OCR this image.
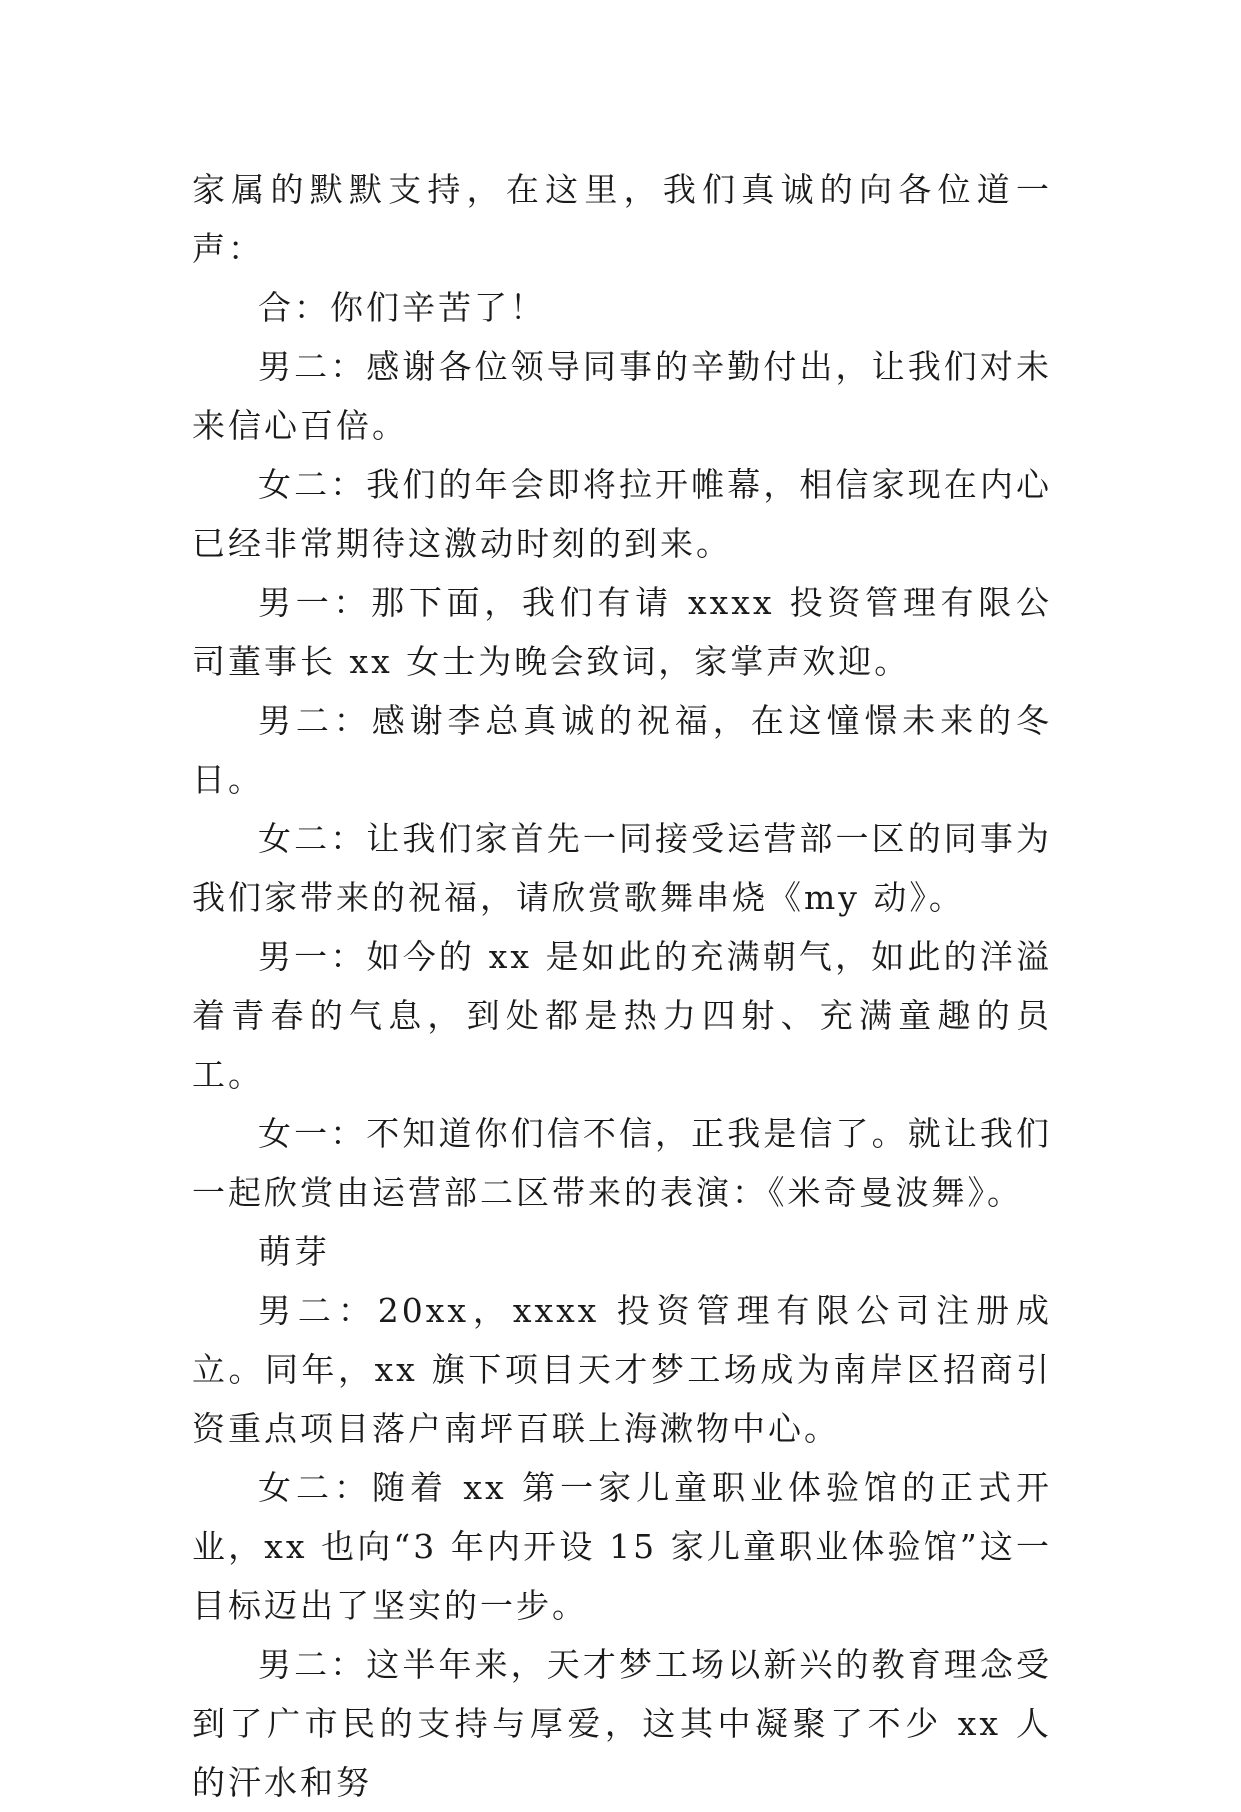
家属的默默支持，在这里，我们真诚的向各位道一声：

合：你们辛苦了！

男二：感谢各位领导同事的辛勤付出，让我们对未来信心百倍。

女二：我们的年会即将拉开帷幕，相信家现在内心已经非常期待这激动时刻的到来。

男一：那下面，我们有请 xxxx 投资管理有限公司董事长 xx 女士为晚会致词，家掌声欢迎。

男二：感谢李总真诚的祝福，在这憧憬未来的冬日。

女二：让我们家首先一同接受运营部一区的同事为我们家带来的祝福，请欣赏歌舞串烧《my 动》。

男一：如今的 xx 是如此的充满朝气，如此的洋溢着青春的气息，到处都是热力四射、充满童趣的员工。

女一：不知道你们信不信，正我是信了。就让我们一起欣赏由运营部二区带来的表演：《米奇曼波舞》。

萌芽

男二：20xx，xxxx 投资管理有限公司注册成立。同年，xx 旗下项目天才梦工场成为南岸区招商引资重点项目落户南坪百联上海漱物中心。

女二：随着 xx 第一家儿童职业体验馆的正式开业，xx 也向“3 年内开设 15 家儿童职业体验馆”这一目标迈出了坚实的一步。

男二：这半年来，天才梦工场以新兴的教育理念受到了广市民的支持与厚爱，这其中凝聚了不少 xx 人的汗水和努
